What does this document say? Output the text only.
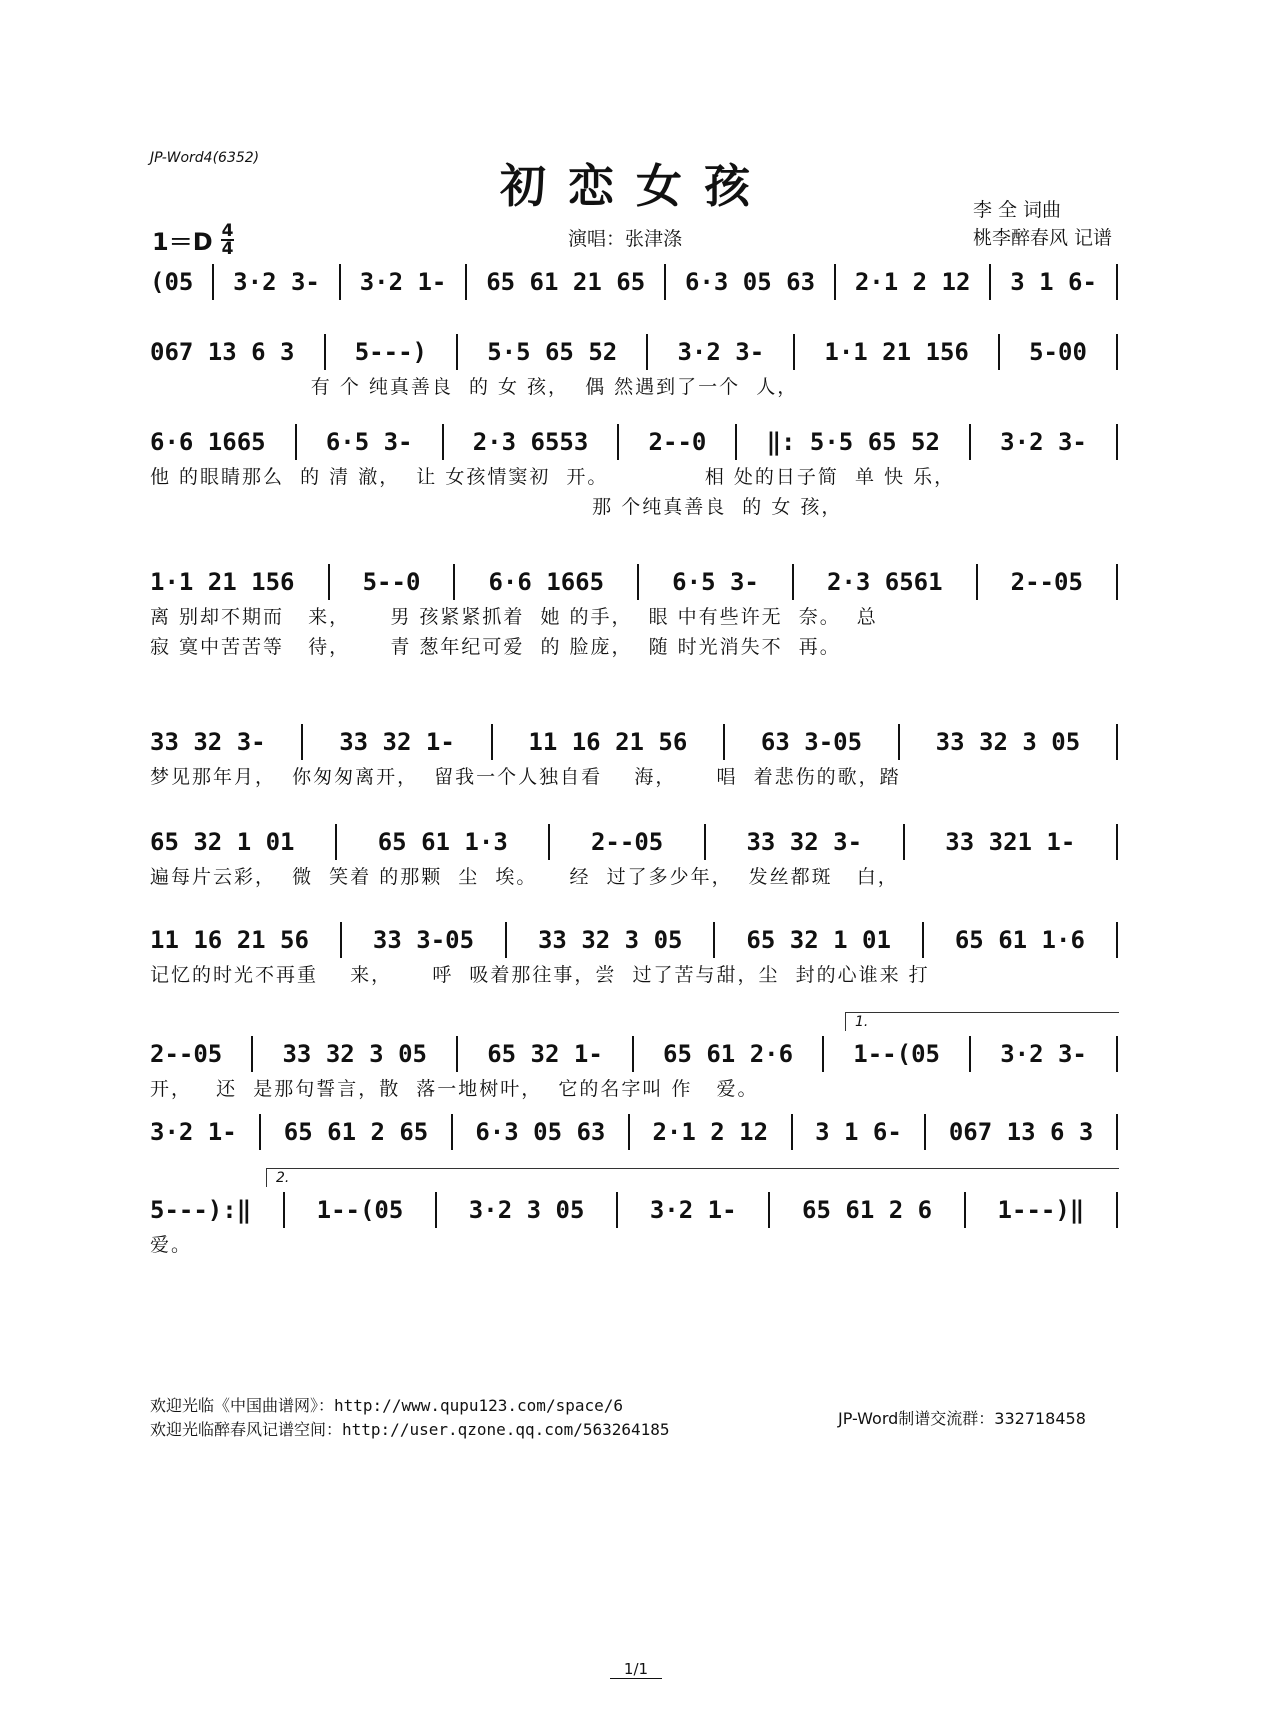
JP-Word4(6352)
初恋女孩
$1=D \frac{4}{4}$	演唱：张津涤
李 全 词曲
桃李醉春风 记谱
(05 3·2 3- 3·2 1- 65 61 21 65 6·3 05 63 2·1 2 12 3 1 6-
067 13 6 3	5---)	5·5 65 52	3·2 3-	1·1 21 156	5-00
有 个 纯真善良  的 女 孩，  偶 然遇到了一个  人，
6·6 1665	6·5 3-	2·3 6553	2--0	‖: 5·5 65 52	3·2 3-
他 的眼睛那么  的 清 澈，  让 女孩情窦初  开。            相 处的日子简  单 快 乐，
那 个纯真善良  的 女 孩，
1·1 21 156	5--0	6·6 1665	6·5 3-	2·3 6561	2--05
离 别却不期而   来，     男 孩紧紧抓着  她 的手，  眼 中有些许无  奈。  总
寂 寞中苦苦等   待，     青 葱年纪可爱  的 脸庞，  随 时光消失不  再。
33 32 3-	33 32 1-	11 16 21 56	63 3-05	33 32 3 05
梦见那年月，  你匆匆离开，  留我一个人独自看    海，     唱  着悲伤的歌，踏
65 32 1 01	65 61 1·3	2--05	33 32 3-	33 321 1-
遍每片云彩，  微  笑着 的那颗  尘  埃。    经  过了多少年，  发丝都斑   白，
11 16 21 56	33 3-05	33 32 3 05	65 32 1 01	65 61 1·6
记忆的时光不再重    来，     呼  吸着那往事，尝  过了苦与甜，尘  封的心谁来 打
1.
2--05	33 32 3 05	65 32 1-	65 61 2·6	1--(05	3·2 3-
开，   还  是那句誓言，散  落一地树叶，  它的名字叫 作   爱。
3·2 1- 65 61 2 65 6·3 05 63 2·1 2 12 3 1 6- 067 13 6 3
2.
5---):‖	1--(05	3·2 3 05	3·2 1-	65 61 2 6	1---)‖
爱。
欢迎光临《中国曲谱网》：http://www.qupu123.com/space/6
欢迎光临醉春风记谱空间：http://user.qzone.qq.com/563264185
JP-Word制谱交流群：332718458
1/1
